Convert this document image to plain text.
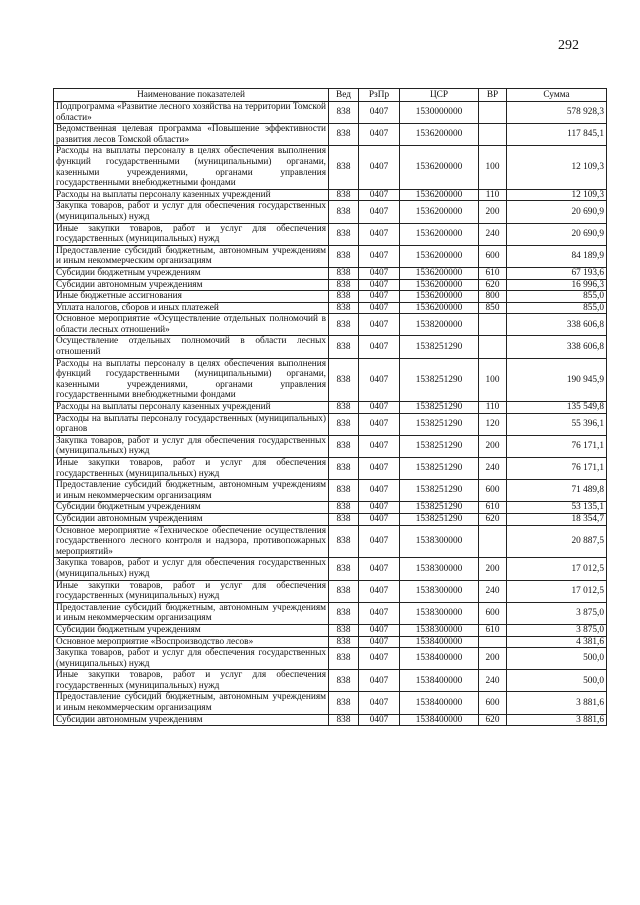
292
Наименование показателей	Вед	РзПр	ЦСР	ВР	Сумма
Подпрограмма «Развитие лесного хозяйства на территории Томской области»	838	0407	1530000000		578 928,3
Ведомственная целевая программа «Повышение эффективности развития лесов Томской области»	838	0407	1536200000		117 845,1
Расходы на выплаты персоналу в целях обеспечения выполнения функций государственными (муниципальными) органами, казенными учреждениями, органами управления государственными внебюджетными фондами	838	0407	1536200000	100	12 109,3
Расходы на выплаты персоналу казенных учреждений	838	0407	1536200000	110	12 109,3
Закупка товаров, работ и услуг для обеспечения государственных (муниципальных) нужд	838	0407	1536200000	200	20 690,9
Иные закупки товаров, работ и услуг для обеспечения государственных (муниципальных) нужд	838	0407	1536200000	240	20 690,9
Предоставление субсидий бюджетным, автономным учреждениям и иным некоммерческим организациям	838	0407	1536200000	600	84 189,9
Субсидии бюджетным учреждениям	838	0407	1536200000	610	67 193,6
Субсидии автономным учреждениям	838	0407	1536200000	620	16 996,3
Иные бюджетные ассигнования	838	0407	1536200000	800	855,0
Уплата налогов, сборов и иных платежей	838	0407	1536200000	850	855,0
Основное мероприятие «Осуществление отдельных полномочий в области лесных отношений»	838	0407	1538200000		338 606,8
Осуществление отдельных полномочий в области лесных отношений	838	0407	1538251290		338 606,8
Расходы на выплаты персоналу в целях обеспечения выполнения функций государственными (муниципальными) органами, казенными учреждениями, органами управления государственными внебюджетными фондами	838	0407	1538251290	100	190 945,9
Расходы на выплаты персоналу казенных учреждений	838	0407	1538251290	110	135 549,8
Расходы на выплаты персоналу государственных (муниципальных) органов	838	0407	1538251290	120	55 396,1
Закупка товаров, работ и услуг для обеспечения государственных (муниципальных) нужд	838	0407	1538251290	200	76 171,1
Иные закупки товаров, работ и услуг для обеспечения государственных (муниципальных) нужд	838	0407	1538251290	240	76 171,1
Предоставление субсидий бюджетным, автономным учреждениям и иным некоммерческим организациям	838	0407	1538251290	600	71 489,8
Субсидии бюджетным учреждениям	838	0407	1538251290	610	53 135,1
Субсидии автономным учреждениям	838	0407	1538251290	620	18 354,7
Основное мероприятие «Техническое обеспечение осуществления государственного лесного контроля и надзора, противопожарных мероприятий»	838	0407	1538300000		20 887,5
Закупка товаров, работ и услуг для обеспечения государственных (муниципальных) нужд	838	0407	1538300000	200	17 012,5
Иные закупки товаров, работ и услуг для обеспечения государственных (муниципальных) нужд	838	0407	1538300000	240	17 012,5
Предоставление субсидий бюджетным, автономным учреждениям и иным некоммерческим организациям	838	0407	1538300000	600	3 875,0
Субсидии бюджетным учреждениям	838	0407	1538300000	610	3 875,0
Основное мероприятие «Воспроизводство лесов»	838	0407	1538400000		4 381,6
Закупка товаров, работ и услуг для обеспечения государственных (муниципальных) нужд	838	0407	1538400000	200	500,0
Иные закупки товаров, работ и услуг для обеспечения государственных (муниципальных) нужд	838	0407	1538400000	240	500,0
Предоставление субсидий бюджетным, автономным учреждениям и иным некоммерческим организациям	838	0407	1538400000	600	3 881,6
Субсидии автономным учреждениям	838	0407	1538400000	620	3 881,6
